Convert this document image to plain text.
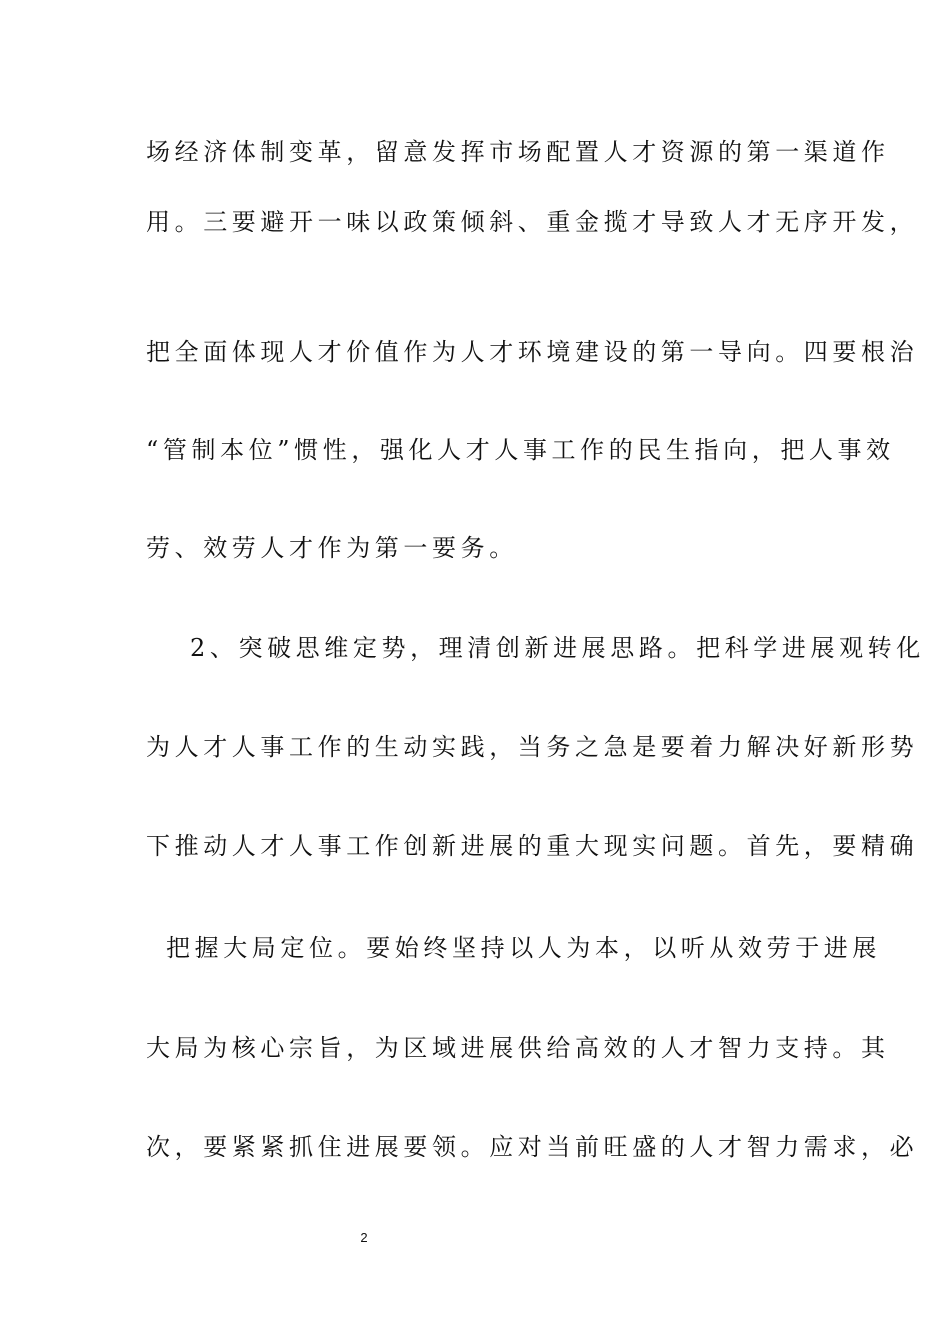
场经济体制变革，留意发挥市场配置人才资源的第一渠道作
用。三要避开一味以政策倾斜、重金揽才导致人才无序开发，
把全面体现人才价值作为人才环境建设的第一导向。四要根治
“管制本位”惯性，强化人才人事工作的民生指向，把人事效
劳、效劳人才作为第一要务。
2、突破思维定势，理清创新进展思路。把科学进展观转化
为人才人事工作的生动实践，当务之急是要着力解决好新形势
下推动人才人事工作创新进展的重大现实问题。首先，要精确
把握大局定位。要始终坚持以人为本，以听从效劳于进展
大局为核心宗旨，为区域进展供给高效的人才智力支持。其
次，要紧紧抓住进展要领。应对当前旺盛的人才智力需求，必
2
